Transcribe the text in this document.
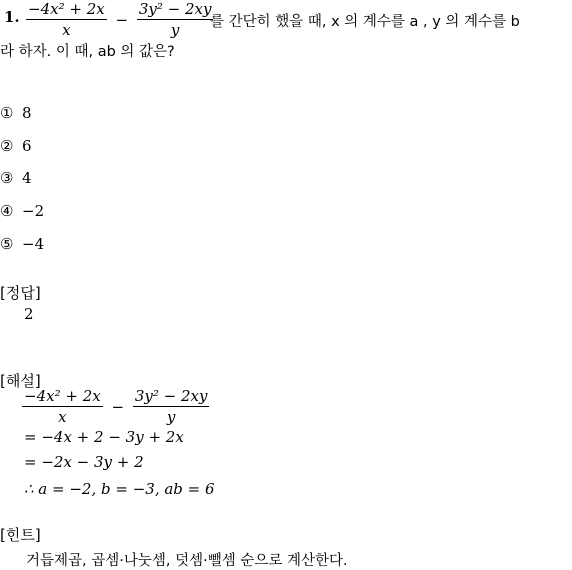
1. $\frac{\text{−4x² + 2x}}{x} - \frac{\text{3y² − 2xy}}{y}$
를 간단히 했을 때, x 의 계수를 a , y 의 계수를 b
라 하자. 이 때, ab 의 값은?
① 8
② 6
③ 4
④ −2
⑤ −4
[정답]
2
[해설]
$\frac{\text{−4x² + 2x}}{x} - \frac{\text{3y² − 2xy}}{y}$
= −4x + 2 − 3y + 2x
= −2x − 3y + 2
∴ a = −2, b = −3, ab = 6
[힌트]
거듭제곱, 곱셈·나눗셈, 덧셈·뺄셈 순으로 계산한다.
